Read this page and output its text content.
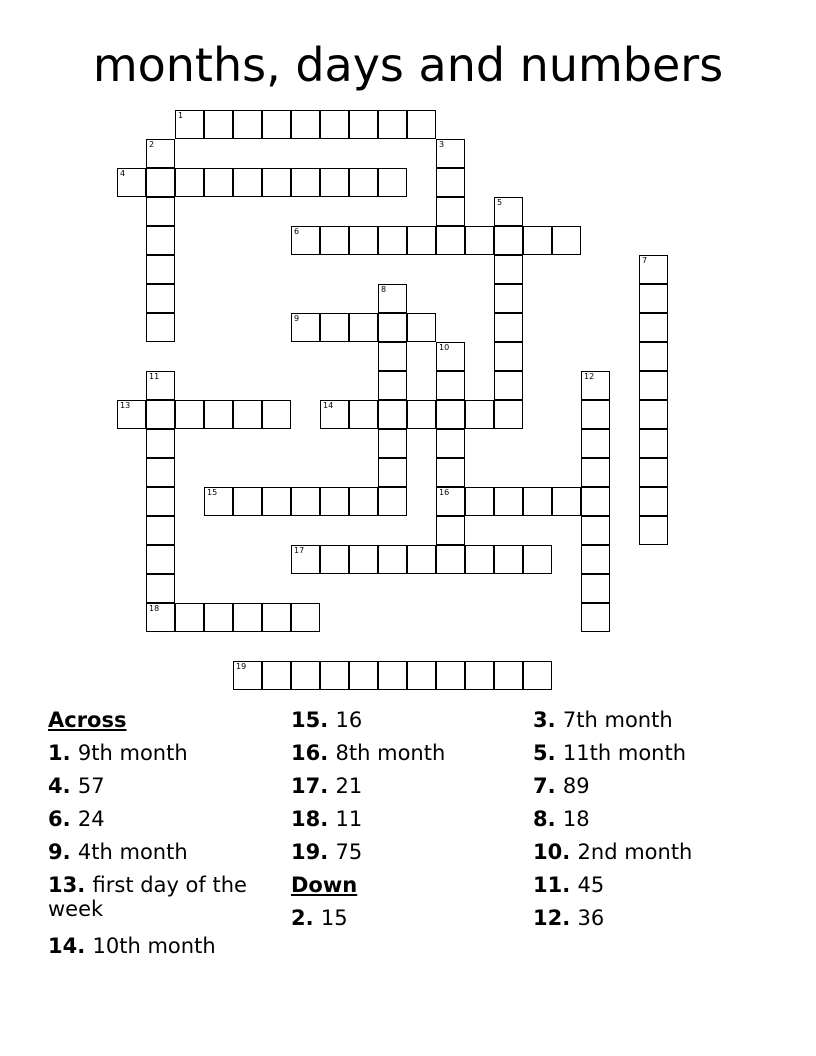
months, days and numbers
1
4
6
9
13	14
15	16
17
18
19
2	3
5
7
8
10
11	12
Across
1. 9th month
4. 57
6. 24
9. 4th month
13. first day of the week
14. 10th month
15. 16
16. 8th month
17. 21
18. 11
19. 75
Down
2. 15
3. 7th month
5. 11th month
7. 89
8. 18
10. 2nd month
11. 45
12. 36
